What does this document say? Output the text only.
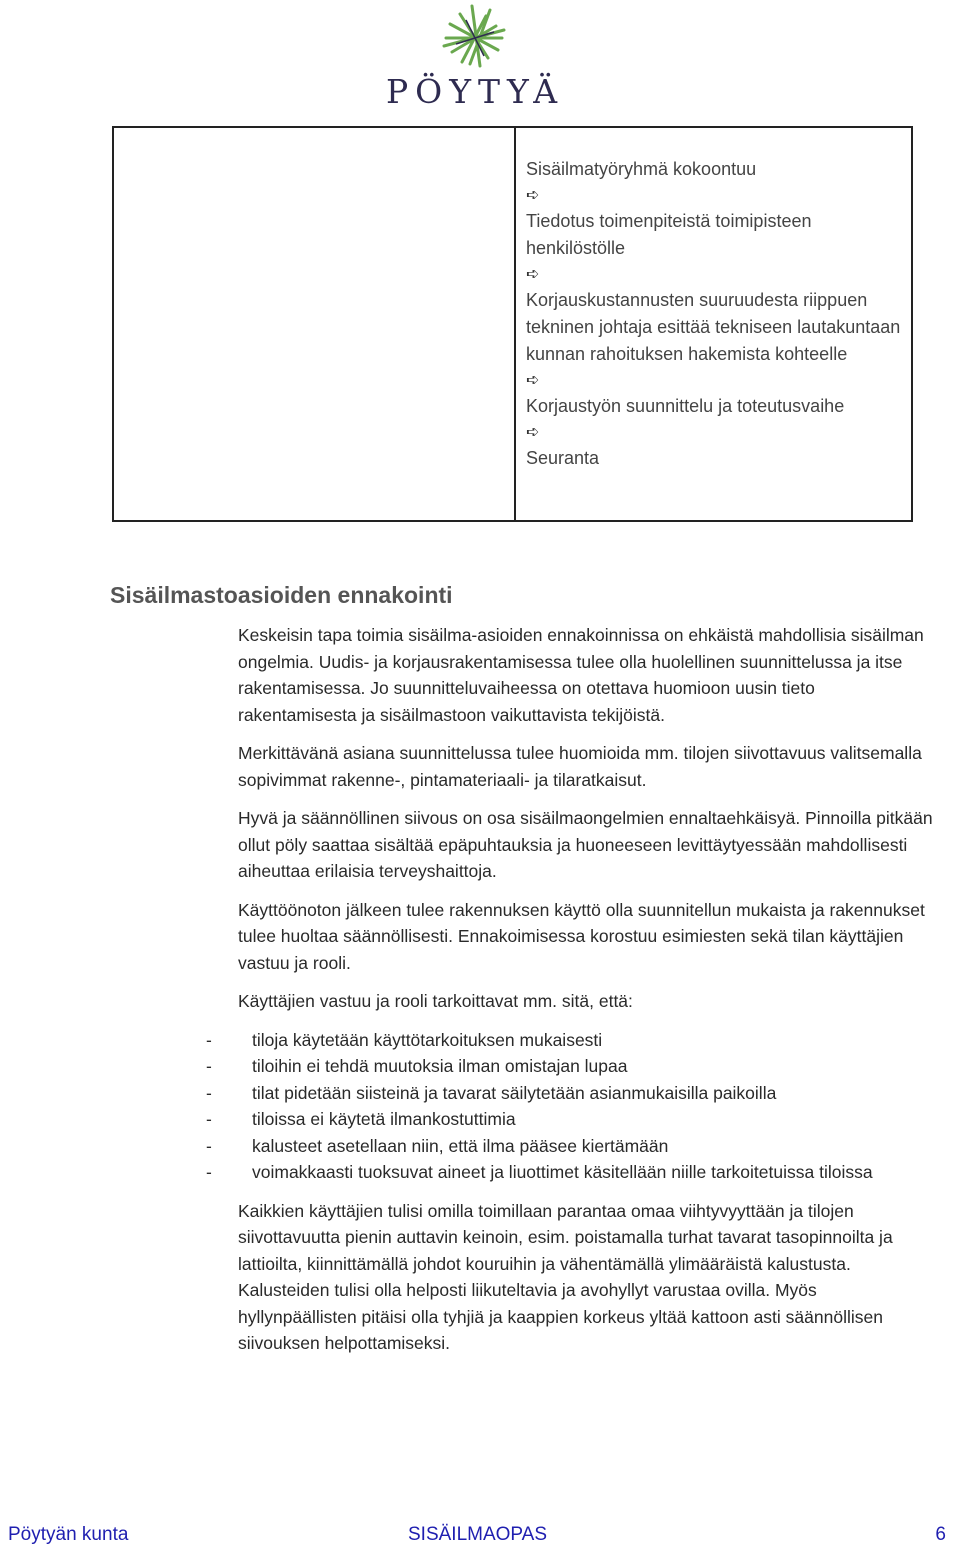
PÖYTYÄ
Sisäilmatyöryhmä kokoontuu
➪
Tiedotus toimenpiteistä toimipisteen henkilöstölle
➪
Korjauskustannusten suuruudesta riippuen tekninen johtaja esittää tekniseen lautakuntaan kunnan rahoituksen hakemista kohteelle
➪
Korjaustyön suunnittelu ja toteutusvaihe
➪
Seuranta
Sisäilmastoasioiden ennakointi

Keskeisin tapa toimia sisäilma-asioiden ennakoinnissa on ehkäistä mahdollisia sisäilman ongelmia. Uudis- ja korjausrakentamisessa tulee olla huolellinen suunnittelussa ja itse rakentamisessa. Jo suunnitteluvaiheessa on otettava huomioon uusin tieto rakentamisesta ja sisäilmastoon vaikuttavista tekijöistä.

Merkittävänä asiana suunnittelussa tulee huomioida mm. tilojen siivottavuus valitsemalla sopivimmat rakenne-, pintamateriaali- ja tilaratkaisut.

Hyvä ja säännöllinen siivous on osa sisäilmaongelmien ennaltaehkäisyä. Pinnoilla pitkään ollut pöly saattaa sisältää epäpuhtauksia ja huoneeseen levittäytyessään mahdollisesti aiheuttaa erilaisia terveyshaittoja.

Käyttöönoton jälkeen tulee rakennuksen käyttö olla suunnitellun mukaista ja rakennukset tulee huoltaa säännöllisesti. Ennakoimisessa korostuu esimiesten sekä tilan käyttäjien vastuu ja rooli.

Käyttäjien vastuu ja rooli tarkoittavat mm. sitä, että:

- tiloja käytetään käyttötarkoituksen mukaisesti
- tiloihin ei tehdä muutoksia ilman omistajan lupaa
- tilat pidetään siisteinä ja tavarat säilytetään asianmukaisilla paikoilla
- tiloissa ei käytetä ilmankostuttimia
- kalusteet asetellaan niin, että ilma pääsee kiertämään
- voimakkaasti tuoksuvat aineet ja liuottimet käsitellään niille tarkoitetuissa tiloissa

Kaikkien käyttäjien tulisi omilla toimillaan parantaa omaa viihtyvyyttään ja tilojen siivottavuutta pienin auttavin keinoin, esim. poistamalla turhat tavarat tasopinnoilta ja lattioilta, kiinnittämällä johdot kouruihin ja vähentämällä ylimääräistä kalustusta. Kalusteiden tulisi olla helposti liikuteltavia ja avohyllyt varustaa ovilla. Myös hyllynpäällisten pitäisi olla tyhjiä ja kaappien korkeus yltää kattoon asti säännöllisen siivouksen helpottamiseksi.

Pöytyän kunta	SISÄILMAOPAS	6
